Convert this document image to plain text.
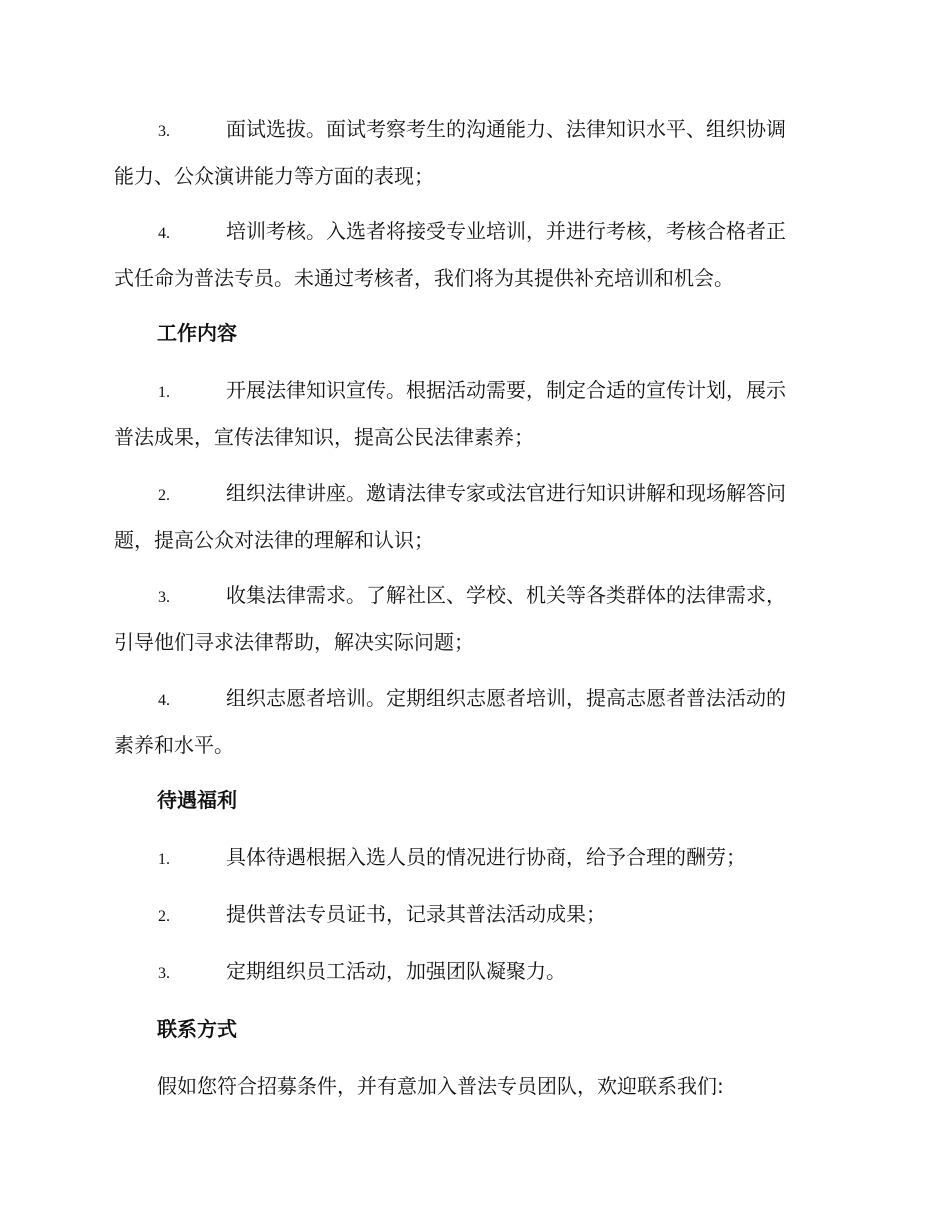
3.	面试选拔。面试考察考生的沟通能力、法律知识水平、组织协调
能力、公众演讲能力等方面的表现；
4.	培训考核。入选者将接受专业培训，并进行考核，考核合格者正
式任命为普法专员。未通过考核者，我们将为其提供补充培训和机会。
工作内容
1.	开展法律知识宣传。根据活动需要，制定合适的宣传计划，展示
普法成果，宣传法律知识，提高公民法律素养；
2.	组织法律讲座。邀请法律专家或法官进行知识讲解和现场解答问
题，提高公众对法律的理解和认识；
3.	收集法律需求。了解社区、学校、机关等各类群体的法律需求，
引导他们寻求法律帮助，解决实际问题；
4.	组织志愿者培训。定期组织志愿者培训，提高志愿者普法活动的
素养和水平。
待遇福利
1.	具体待遇根据入选人员的情况进行协商，给予合理的酬劳；
2.	提供普法专员证书，记录其普法活动成果；
3.	定期组织员工活动，加强团队凝聚力。
联系方式

假如您符合招募条件，并有意加入普法专员团队，欢迎联系我们:
